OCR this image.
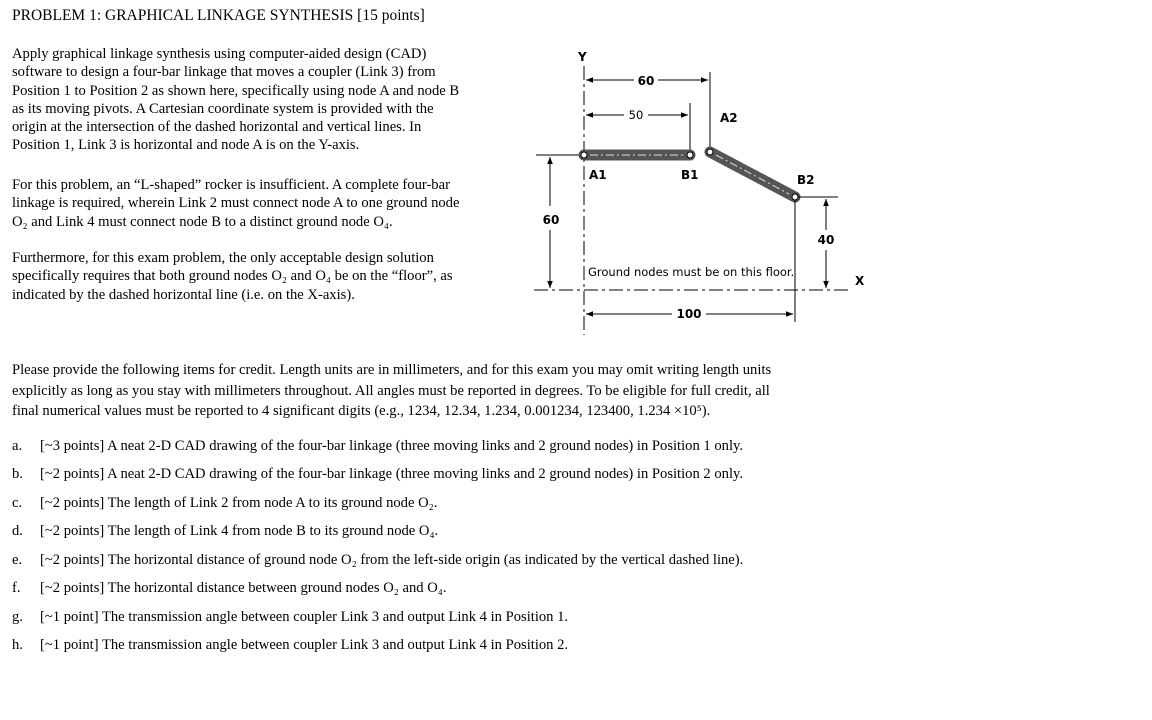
PROBLEM 1: GRAPHICAL LINKAGE SYNTHESIS [15 points]
Apply graphical linkage synthesis using computer-aided design (CAD)
software to design a four-bar linkage that moves a coupler (Link 3) from
Position 1 to Position 2 as shown here, specifically using node A and node B
as its moving pivots. A Cartesian coordinate system is provided with the
origin at the intersection of the dashed horizontal and vertical lines. In
Position 1, Link 3 is horizontal and node A is on the Y-axis.
For this problem, an “L-shaped” rocker is insufficient. A complete four-bar
linkage is required, wherein Link 2 must connect node A to one ground node
O₂ and Link 4 must connect node B to a distinct ground node O₄.
Furthermore, for this exam problem, the only acceptable design solution
specifically requires that both ground nodes O₂ and O₄ be on the “floor”, as
indicated by the dashed horizontal line (i.e. on the X-axis).
Please provide the following items for credit. Length units are in millimeters, and for this exam you may omit writing length units
explicitly as long as you stay with millimeters throughout. All angles must be reported in degrees. To be eligible for full credit, all
final numerical values must be reported to 4 significant digits (e.g., 1234, 12.34, 1.234, 0.001234, 123400, 1.234 ×10⁵).
a. [~3 points] A neat 2-D CAD drawing of the four-bar linkage (three moving links and 2 ground nodes) in Position 1 only.
b. [~2 points] A neat 2-D CAD drawing of the four-bar linkage (three moving links and 2 ground nodes) in Position 2 only.
c. [~2 points] The length of Link 2 from node A to its ground node O₂.
d. [~2 points] The length of Link 4 from node B to its ground node O₄.
e. [~2 points] The horizontal distance of ground node O₂ from the left-side origin (as indicated by the vertical dashed line).
f. [~2 points] The horizontal distance between ground nodes O₂ and O₄.
g. [~1 point] The transmission angle between coupler Link 3 and output Link 4 in Position 1.
h. [~1 point] The transmission angle between coupler Link 3 and output Link 4 in Position 2.
Y
X
60
50
60
A1	B1
A2
B2
40
100
Ground nodes must be on this floor.
